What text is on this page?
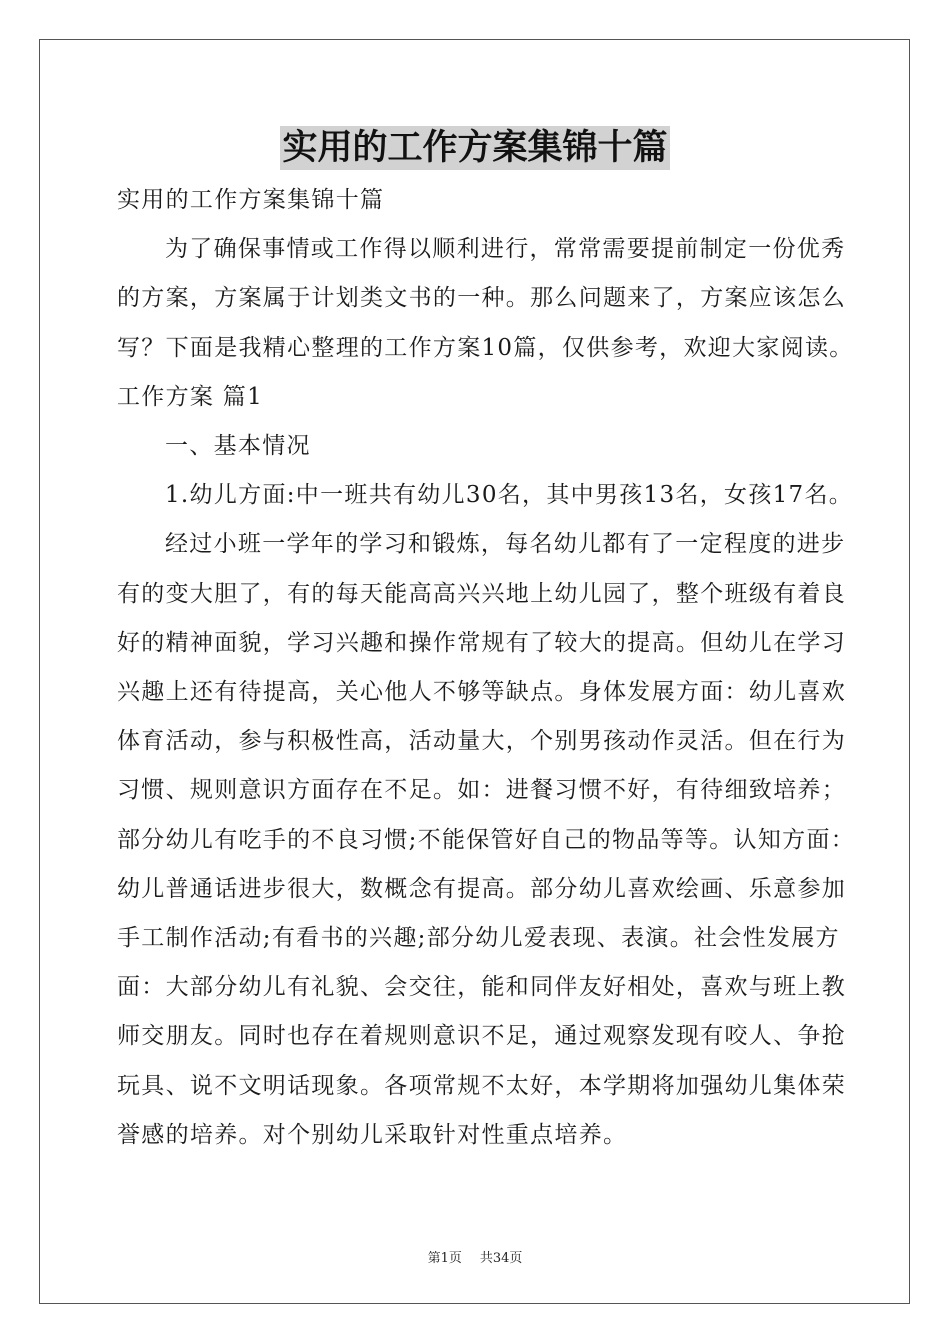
实用的工作方案集锦十篇

实用的工作方案集锦十篇

为了确保事情或工作得以顺利进行，常常需要提前制定一份优秀

的方案，方案属于计划类文书的一种。那么问题来了，方案应该怎么

写？下面是我精心整理的工作方案10篇，仅供参考，欢迎大家阅读。

工作方案 篇1

一、基本情况

1.幼儿方面:中一班共有幼儿30名，其中男孩13名，女孩17名。

经过小班一学年的学习和锻炼，每名幼儿都有了一定程度的进步

有的变大胆了，有的每天能高高兴兴地上幼儿园了，整个班级有着良

好的精神面貌，学习兴趣和操作常规有了较大的提高。但幼儿在学习

兴趣上还有待提高，关心他人不够等缺点。身体发展方面：幼儿喜欢

体育活动，参与积极性高，活动量大，个别男孩动作灵活。但在行为

习惯、规则意识方面存在不足。如：进餐习惯不好，有待细致培养；

部分幼儿有吃手的不良习惯;不能保管好自己的物品等等。认知方面：

幼儿普通话进步很大，数概念有提高。部分幼儿喜欢绘画、乐意参加

手工制作活动;有看书的兴趣;部分幼儿爱表现、表演。社会性发展方

面：大部分幼儿有礼貌、会交往，能和同伴友好相处，喜欢与班上教

师交朋友。同时也存在着规则意识不足，通过观察发现有咬人、争抢

玩具、说不文明话现象。各项常规不太好，本学期将加强幼儿集体荣

誉感的培养。对个别幼儿采取针对性重点培养。

第1页 共34页
